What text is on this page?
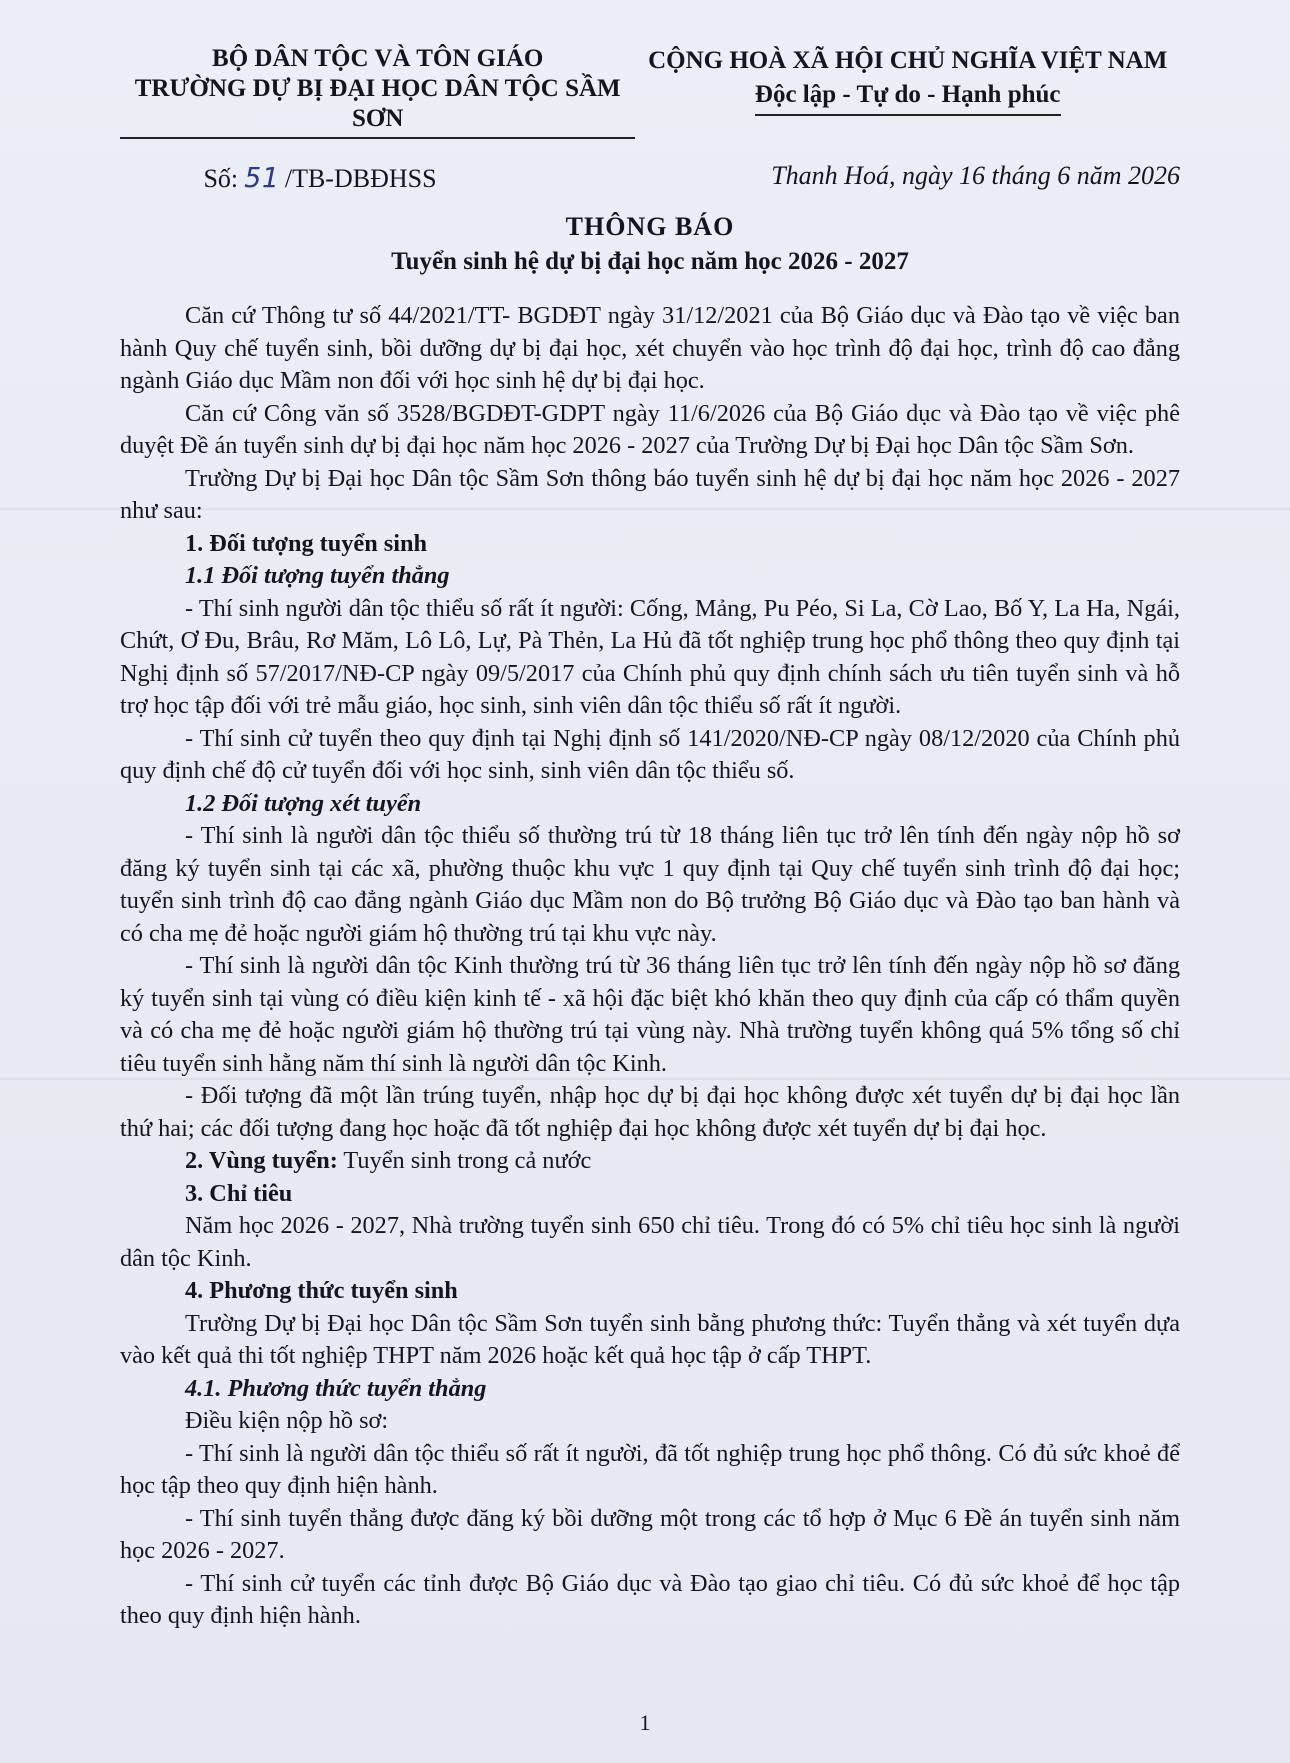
BỘ DÂN TỘC VÀ TÔN GIÁO
TRƯỜNG DỰ BỊ ĐẠI HỌC DÂN TỘC SẦM SƠN
CỘNG HOÀ XÃ HỘI CHỦ NGHĨA VIỆT NAM
Độc lập - Tự do - Hạnh phúc
Số: 51 /TB-DBĐHSS	Thanh Hoá, ngày 16 tháng 6 năm 2026
THÔNG BÁO
Tuyển sinh hệ dự bị đại học năm học 2026 - 2027

Căn cứ Thông tư số 44/2021/TT- BGDĐT ngày 31/12/2021 của Bộ Giáo dục và Đào tạo về việc ban hành Quy chế tuyển sinh, bồi dưỡng dự bị đại học, xét chuyển vào học trình độ đại học, trình độ cao đẳng ngành Giáo dục Mầm non đối với học sinh hệ dự bị đại học.

Căn cứ Công văn số 3528/BGDĐT-GDPT ngày 11/6/2026 của Bộ Giáo dục và Đào tạo về việc phê duyệt Đề án tuyển sinh dự bị đại học năm học 2026 - 2027 của Trường Dự bị Đại học Dân tộc Sầm Sơn.

Trường Dự bị Đại học Dân tộc Sầm Sơn thông báo tuyển sinh hệ dự bị đại học năm học 2026 - 2027 như sau:

1. Đối tượng tuyển sinh

1.1 Đối tượng tuyển thẳng

- Thí sinh người dân tộc thiểu số rất ít người: Cống, Mảng, Pu Péo, Si La, Cờ Lao, Bố Y, La Ha, Ngái, Chứt, Ơ Đu, Brâu, Rơ Măm, Lô Lô, Lự, Pà Thẻn, La Hủ đã tốt nghiệp trung học phổ thông theo quy định tại Nghị định số 57/2017/NĐ-CP ngày 09/5/2017 của Chính phủ quy định chính sách ưu tiên tuyển sinh và hỗ trợ học tập đối với trẻ mẫu giáo, học sinh, sinh viên dân tộc thiểu số rất ít người.

- Thí sinh cử tuyển theo quy định tại Nghị định số 141/2020/NĐ-CP ngày 08/12/2020 của Chính phủ quy định chế độ cử tuyển đối với học sinh, sinh viên dân tộc thiểu số.

1.2 Đối tượng xét tuyển

- Thí sinh là người dân tộc thiểu số thường trú từ 18 tháng liên tục trở lên tính đến ngày nộp hồ sơ đăng ký tuyển sinh tại các xã, phường thuộc khu vực 1 quy định tại Quy chế tuyển sinh trình độ đại học; tuyển sinh trình độ cao đẳng ngành Giáo dục Mầm non do Bộ trưởng Bộ Giáo dục và Đào tạo ban hành và có cha mẹ đẻ hoặc người giám hộ thường trú tại khu vực này.

- Thí sinh là người dân tộc Kinh thường trú từ 36 tháng liên tục trở lên tính đến ngày nộp hồ sơ đăng ký tuyển sinh tại vùng có điều kiện kinh tế - xã hội đặc biệt khó khăn theo quy định của cấp có thẩm quyền và có cha mẹ đẻ hoặc người giám hộ thường trú tại vùng này. Nhà trường tuyển không quá 5% tổng số chỉ tiêu tuyển sinh hằng năm thí sinh là người dân tộc Kinh.

- Đối tượng đã một lần trúng tuyển, nhập học dự bị đại học không được xét tuyển dự bị đại học lần thứ hai; các đối tượng đang học hoặc đã tốt nghiệp đại học không được xét tuyển dự bị đại học.

2. Vùng tuyển: Tuyển sinh trong cả nước

3. Chỉ tiêu

Năm học 2026 - 2027, Nhà trường tuyển sinh 650 chỉ tiêu. Trong đó có 5% chỉ tiêu học sinh là người dân tộc Kinh.

4. Phương thức tuyển sinh

Trường Dự bị Đại học Dân tộc Sầm Sơn tuyển sinh bằng phương thức: Tuyển thẳng và xét tuyển dựa vào kết quả thi tốt nghiệp THPT năm 2026 hoặc kết quả học tập ở cấp THPT.

4.1. Phương thức tuyển thẳng

Điều kiện nộp hồ sơ:

- Thí sinh là người dân tộc thiểu số rất ít người, đã tốt nghiệp trung học phổ thông. Có đủ sức khoẻ để học tập theo quy định hiện hành.

- Thí sinh tuyển thẳng được đăng ký bồi dưỡng một trong các tổ hợp ở Mục 6 Đề án tuyển sinh năm học 2026 - 2027.

- Thí sinh cử tuyển các tỉnh được Bộ Giáo dục và Đào tạo giao chỉ tiêu. Có đủ sức khoẻ để học tập theo quy định hiện hành.

1
